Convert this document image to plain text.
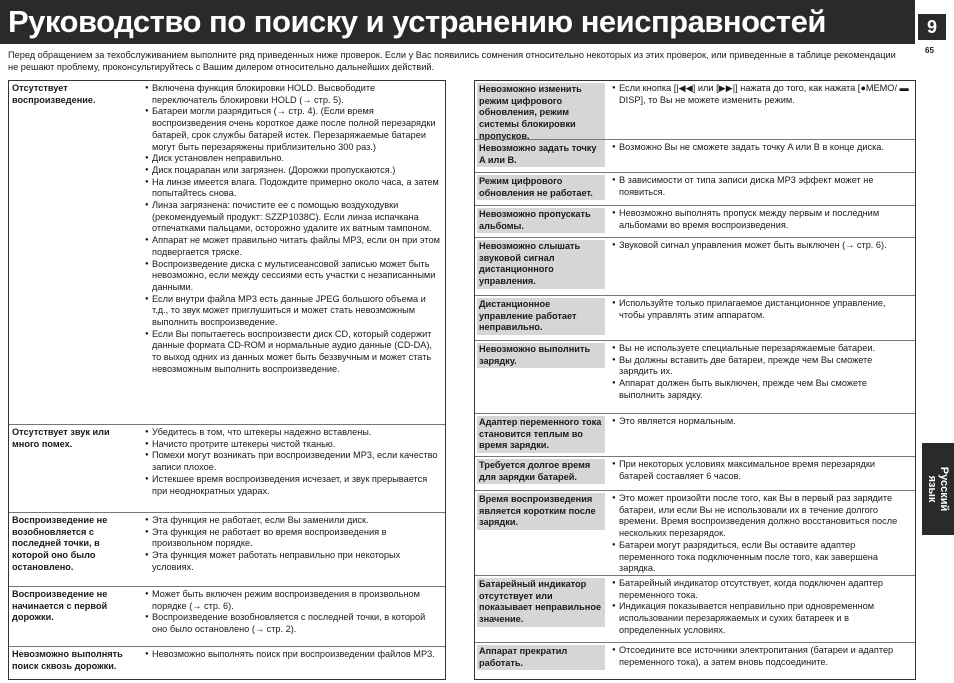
Руководство по поиску и устранению неисправностей	9
65
Русский
язык
Перед обращением за техобслуживанием выполните ряд приведенных ниже проверок. Если у Вас появились сомнения относительно некоторых из этих проверок, или приведенные в таблице рекомендации не решают проблему, проконсультируйтесь с Вашим дилером относительно дальнейших действий.
Отсутствует воспроизведение.
● Включена функция блокировки HOLD. Высвободите переключатель блокировки HOLD (→ стр. 5).
● Батареи могли разрядиться (→ стр. 4). (Если время воспроизведения очень короткое даже после полной перезарядки батарей, срок службы батарей истек. Перезаряжаемые батареи могут быть перезаряжены приблизительно 300 раз.)
● Диск установлен неправильно.
● Диск поцарапан или загрязнен. (Дорожки пропускаются.)
● На линзе имеется влага. Подождите примерно около часа, а затем попытайтесь снова.
● Линза загрязнена: почистите ее с помощью воздуходувки (рекомендуемый продукт: SZZP1038C). Если линза испачкана отпечатками пальцами, осторожно удалите их ватным тампоном.
● Аппарат не может правильно читать файлы MP3, если он при этом подвергается тряске.
● Воспроизведение диска с мультисеансовой записью может быть невозможно, если между сессиями есть участки с незаписанными данными.
● Если внутри файла MP3 есть данные JPEG большого объема и т.д., то звук может приглушиться и может стать невозможным выполнить воспроизведение.
● Если Вы попытаетесь воспроизвести диск CD, который содержит данные формата CD-ROM и нормальные аудио данные (CD-DA), то выход одних из данных может быть беззвучным и может стать невозможным выполнить воспроизведение.
Отсутствует звук или много помех.
● Убедитесь в том, что штекеры надежно вставлены.
● Начисто протрите штекеры чистой тканью.
● Помехи могут возникать при воспроизведении MP3, если качество записи плохое.
● Истекшее время воспроизведения исчезает, и звук прерывается при неоднократных ударах.
Воспроизведение не возобновляется с последней точки, в которой оно было остановлено.
● Эта функция не работает, если Вы заменили диск.
● Эта функция не работает во время воспроизведения в произвольном порядке.
● Эта функция может работать неправильно при некоторых условиях.
Воспроизведение не начинается с первой дорожки.
● Может быть включен режим воспроизведения в произвольном порядке (→ стр. 6).
● Воспроизведение возобновляется с последней точки, в которой оно было остановлено (→ стр. 2).
Невозможно выполнять поиск сквозь дорожки.
● Невозможно выполнять поиск при воспроизведении файлов MP3.
Невозможно изменить режим цифрового обновления, режим системы блокировки пропусков.
● Если кнопка [|◀◀] или [▶▶|] нажата до того, как нажата [●MEMO/ ▬ DISP], то Вы не можете изменить режим.
Невозможно задать точку A или B.
● Возможно Вы не сможете задать точку A или B в конце диска.
Режим цифрового обновления не работает.
● В зависимости от типа записи диска MP3 эффект может не появиться.
Невозможно пропускать альбомы.
● Невозможно выполнять пропуск между первым и последним альбомами во время воспроизведения.
Невозможно слышать звуковой сигнал дистанционного управления.
● Звуковой сигнал управления может быть выключен (→ стр. 6).
Дистанционное управление работает неправильно.
● Используйте только прилагаемое дистанционное управление, чтобы управлять этим аппаратом.
Невозможно выполнить зарядку.
● Вы не используете специальные перезаряжаемые батареи.
● Вы должны вставить две батареи, прежде чем Вы сможете зарядить их.
● Аппарат должен быть выключен, прежде чем Вы сможете выполнить зарядку.
Адаптер переменного тока становится теплым во время зарядки.
● Это является нормальным.
Требуется долгое время для зарядки батарей.
● При некоторых условиях максимальное время перезарядки батарей составляет 6 часов.
Время воспроизведения является коротким после зарядки.
● Это может произойти после того, как Вы в первый раз зарядите батареи, или если Вы не использовали их в течение долгого времени. Время воспроизведения должно восстановиться после нескольких перезарядок.
● Батареи могут разрядиться, если Вы оставите адаптер переменного тока подключенным после того, как завершена зарядка.
Батарейный индикатор отсутствует или показывает неправильное значение.
● Батарейный индикатор отсутствует, когда подключен адаптер переменного тока.
● Индикация показывается неправильно при одновременном использовании перезаряжаемых и сухих батареек и в определенных условиях.
Аппарат прекратил работать.
● Отсоедините все источники электропитания (батареи и адаптер переменного тока), а затем вновь подсоедините.
